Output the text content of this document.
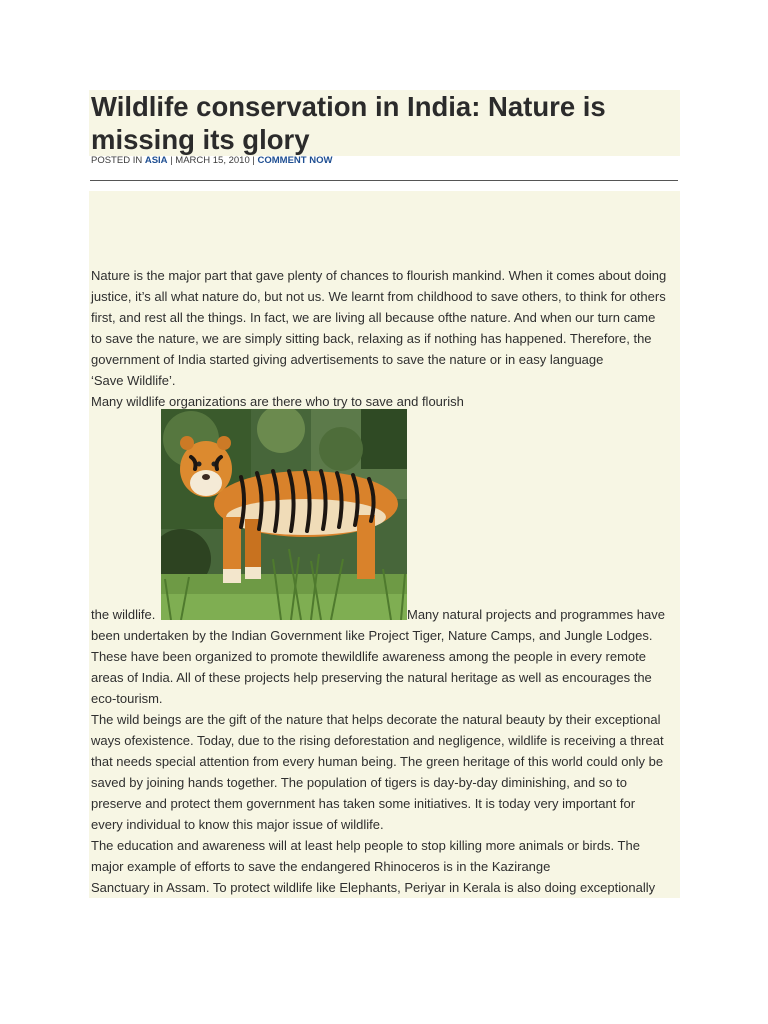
Wildlife conservation in India: Nature is missing its glory
POSTED IN ASIA | MARCH 15, 2010 | COMMENT NOW

Nature is the major part that gave plenty of chances to flourish mankind. When it comes about doing

justice, it’s all what nature do, but not us. We learnt from childhood to save others, to think for others

first, and rest all the things. In fact, we are living all because ofthe nature. And when our turn came

to save the nature, we are simply sitting back, relaxing as if nothing has happened. Therefore, the

government of India started giving advertisements to save the nature or in easy language

‘Save Wildlife’.

Many wildlife organizations are there who try to save and flourish

the wildlife.	Many natural projects and programmes have

been undertaken by the Indian Government like Project Tiger, Nature Camps, and Jungle Lodges.

These have been organized to promote thewildlife awareness among the people in every remote

areas of India. All of these projects help preserving the natural heritage as well as encourages the

eco-tourism.

The wild beings are the gift of the nature that helps decorate the natural beauty by their exceptional

ways ofexistence. Today, due to the rising deforestation and negligence, wildlife is receiving a threat

that needs special attention from every human being. The green heritage of this world could only be

saved by joining hands together. The population of tigers is day-by-day diminishing, and so to

preserve and protect them government has taken some initiatives. It is today very important for

every individual to know this major issue of wildlife.

The education and awareness will at least help people to stop killing more animals or birds. The

major example of efforts to save the endangered Rhinoceros is in the Kazirange

Sanctuary in Assam. To protect wildlife like Elephants, Periyar in Kerala is also doing exceptionally
